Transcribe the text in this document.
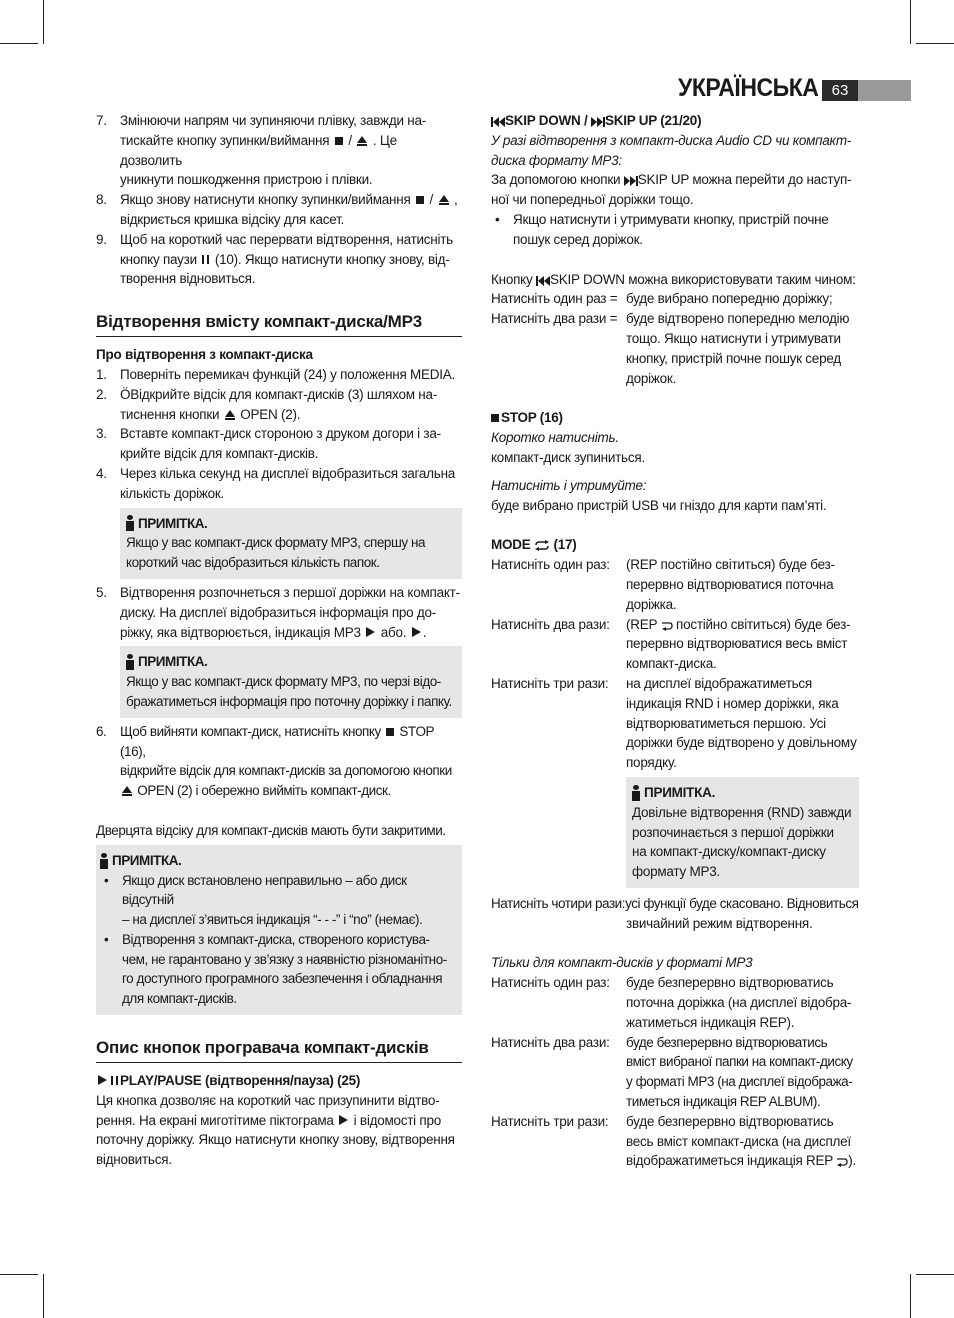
УКРАЇНСЬКА 63
7. Змінюючи напрям чи зупиняючи плівку, завжди на-
тискайте кнопку зупинки/виймання  /  . Це дозволить
уникнути пошкодження пристрою і плівки.
8. Якщо знову натиснути кнопку зупинки/виймання  /  ,
відкриється кришка відсіку для касет.
9. Щоб на короткий час перервати відтворення, натисніть
кнопку паузи  (10). Якщо натиснути кнопку знову, від-
творення відновиться.
Відтворення вмісту компакт-диска/MP3
Про відтворення з компакт-диска
1. Поверніть перемикач функцій (24) у положення MEDIA.
2. ÖВідкрийте відсік для компакт-дисків (3) шляхом на-
тиснення кнопки  OPEN (2).
3. Вставте компакт-диск стороною з друком догори і за-
крийте відсік для компакт-дисків.
4. Через кілька секунд на дисплеї відобразиться загальна
кількість доріжок.
ПРИМІТКА.
Якщо у вас компакт-диск формату MP3, спершу на
короткий час відобразиться кількість папок.
5. Відтворення розпочнеться з першої доріжки на компакт-
диску. На дисплеї відобразиться інформація про до-
ріжку, яка відтворюється, індикація MP3  або. .
ПРИМІТКА.
Якщо у вас компакт-диск формату MP3, по черзі відо-
бражатиметься інформація про поточну доріжку і папку.
6.	Щоб вийняти компакт-диск, натисніть кнопку  STOP (16),
відкрийте відсік для компакт-дисків за допомогою кнопки
OPEN (2) і обережно вийміть компакт-диск.
Дверцята відсіку для компакт-дисків мають бути закритими.
ПРИМІТКА.
•	Якщо диск встановлено неправильно – або диск відсутній
– на дисплеї з’явиться індикація “- - -” і “no” (немає).
•	Відтворення з компакт-диска, створеного користува-
чем, не гарантовано у зв’язку з наявністю різноманітно-
го доступного програмного забезпечення і обладнання
для компакт-дисків.
Опис кнопок програвача компакт-дисків
PLAY/PAUSE (відтворення/пауза) (25)
Ця кнопка дозволяє на короткий час призупинити відтво-
рення. На екрані миготітиме піктограма  і відомості про
поточну доріжку. Якщо натиснути кнопку знову, відтворення
відновиться.
SKIP DOWN / SKIP UP (21/20)
У разі відтворення з компакт-диска Audio CD чи компакт-
диска формату MP3:
За допомогою кнопки SKIP UP можна перейти до наступ-
ної чи попередньої доріжки тощо.
•	Якщо натиснути і утримувати кнопку, пристрій почне
пошук серед доріжок.
Кнопку SKIP DOWN можна використовувати таким чином:
Натисніть один раз = буде вибрано попередню доріжку;
Натисніть два рази = буде відтворено попередню мелодію
тощо. Якщо натиснути і утримувати
кнопку, пристрій почне пошук серед
доріжок.
STOP (16)
Коротко натисніть.
компакт-диск зупиниться.
Натисніть і утримуйте:
буде вибрано пристрій USB чи гніздо для карти пам’яті.
MODE  (17)
Натисніть один раз:	(REP постійно світиться) буде без-
перервно відтворюватися поточна
доріжка.
Натисніть два рази:	(REP  постійно світиться) буде без-
перервно відтворюватися весь вміст
компакт-диска.
Натисніть три рази:	на дисплеї відображатиметься
індикація RND і номер доріжки, яка
відтворюватиметься першою. Усі
доріжки буде відтворено у довільному
порядку.
ПРИМІТКА.
Довільне відтворення (RND) завжди
розпочинається з першої доріжки
на компакт-диску/компакт-диску
формату MP3.
Натисніть чотири рази: усі функції буде скасовано. Відновиться
звичайний режим відтворення.
Тільки для компакт-дисків у форматі MP3
Натисніть один раз:	буде безперервно відтворюватись
поточна доріжка (на дисплеї відобра-
жатиметься індикація REP).
Натисніть два рази:	буде безперервно відтворюватись
вміст вибраної папки на компакт-диску
у форматі MP3 (на дисплеї відобража-
тиметься індикація REP ALBUM).
Натисніть три рази:	буде безперервно відтворюватись
весь вміст компакт-диска (на дисплеї
відображатиметься індикація REP ).
